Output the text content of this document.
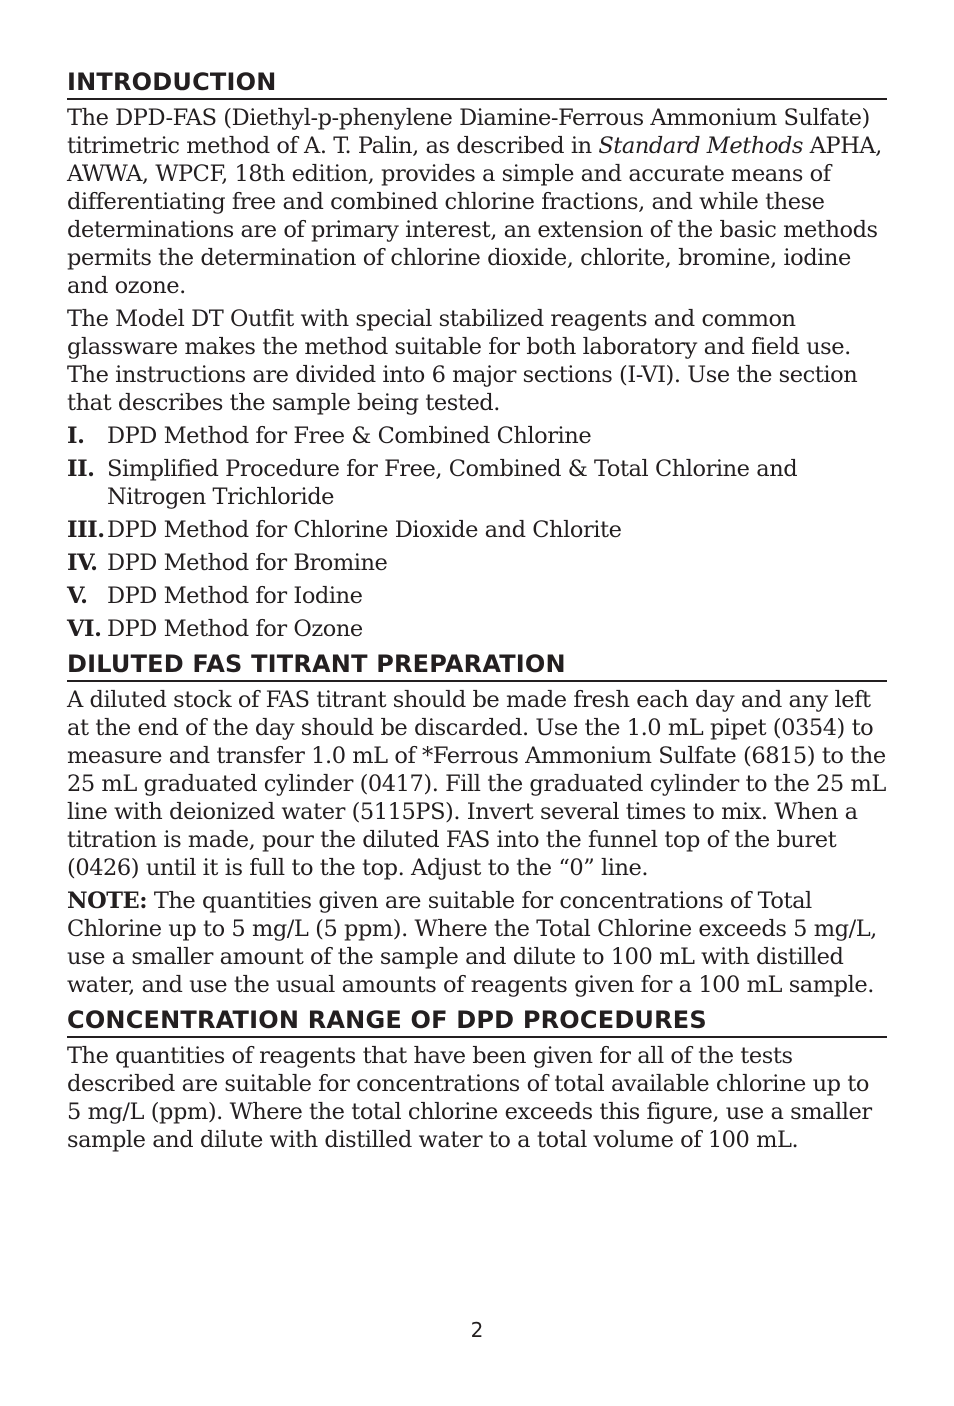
INTRODUCTION

The DPD-FAS (Diethyl-p-phenylene Diamine-Ferrous Ammonium Sulfate) titrimetric method of A. T. Palin, as described in Standard Methods APHA, AWWA, WPCF, 18th edition, provides a simple and accurate means of differentiating free and combined chlorine fractions, and while these determinations are of primary interest, an extension of the basic methods permits the determination of chlorine dioxide, chlorite, bromine, iodine and ozone.

The Model DT Outfit with special stabilized reagents and common glassware makes the method suitable for both laboratory and field use. The instructions are divided into 6 major sections (I-VI). Use the section that describes the sample being tested.

I.	DPD Method for Free & Combined Chlorine
II. Simplified Procedure for Free, Combined & Total Chlorine and Nitrogen Trichloride
III. DPD Method for Chlorine Dioxide and Chlorite
IV. DPD Method for Bromine
V. DPD Method for Iodine
VI. DPD Method for Ozone
DILUTED FAS TITRANT PREPARATION

A diluted stock of FAS titrant should be made fresh each day and any left at the end of the day should be discarded. Use the 1.0 mL pipet (0354) to measure and transfer 1.0 mL of *Ferrous Ammonium Sulfate (6815) to the 25 mL graduated cylinder (0417). Fill the graduated cylinder to the 25 mL line with deionized water (5115PS). Invert several times to mix. When a titration is made, pour the diluted FAS into the funnel top of the buret (0426) until it is full to the top. Adjust to the “0” line.

NOTE: The quantities given are suitable for concentrations of Total Chlorine up to 5 mg/L (5 ppm). Where the Total Chlorine exceeds 5 mg/L, use a smaller amount of the sample and dilute to 100 mL with distilled water, and use the usual amounts of reagents given for a 100 mL sample.

CONCENTRATION RANGE OF DPD PROCEDURES

The quantities of reagents that have been given for all of the tests described are suitable for concentrations of total available chlorine up to 5 mg/L (ppm). Where the total chlorine exceeds this figure, use a smaller sample and dilute with distilled water to a total volume of 100 mL.

2
